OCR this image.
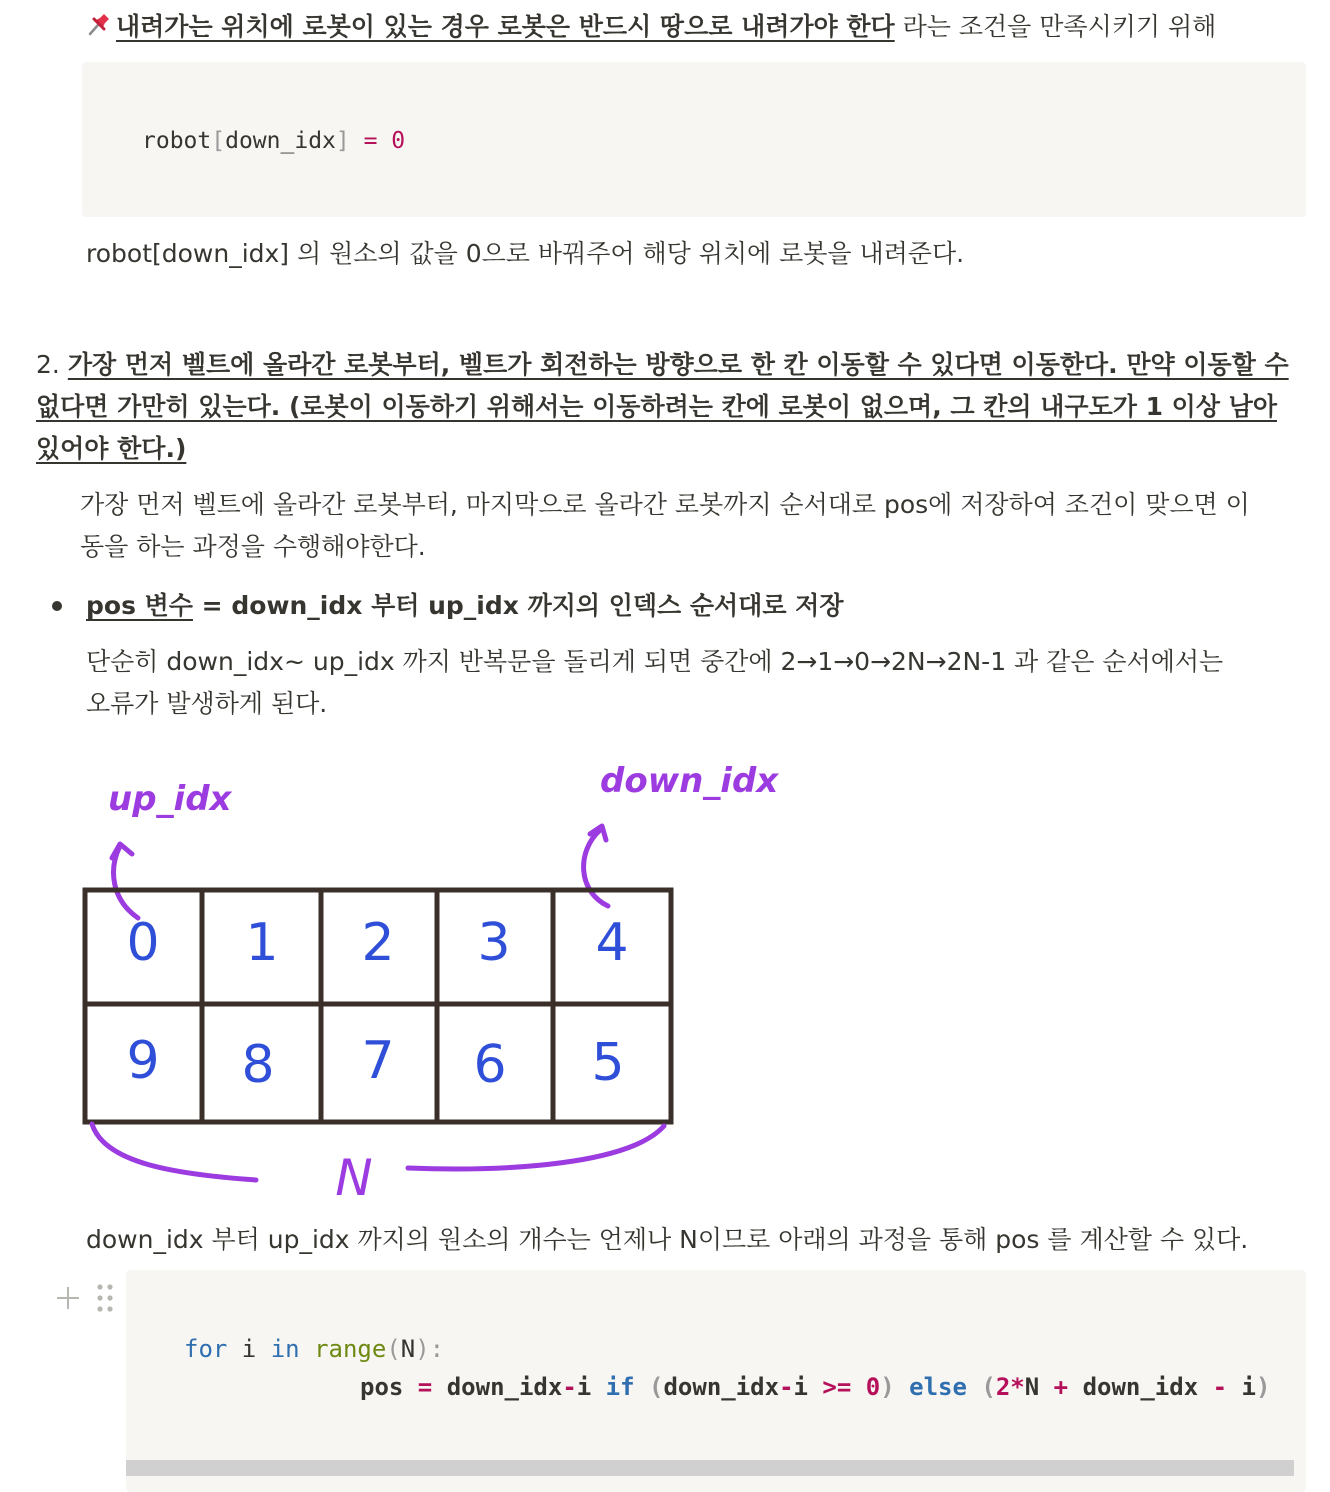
내려가는 위치에 로봇이 있는 경우 로봇은 반드시 땅으로 내려가야 한다 라는 조건을 만족시키기 위해
robot[down_idx] = 0
robot[down_idx] 의 원소의 값을 0으로 바꿔주어 해당 위치에 로봇을 내려준다.
2. 가장 먼저 벨트에 올라간 로봇부터, 벨트가 회전하는 방향으로 한 칸 이동할 수 있다면 이동한다. 만약 이동할 수
없다면 가만히 있는다. (로봇이 이동하기 위해서는 이동하려는 칸에 로봇이 없으며, 그 칸의 내구도가 1 이상 남아
있어야 한다.)
가장 먼저 벨트에 올라간 로봇부터, 마지막으로 올라간 로봇까지 순서대로 pos에 저장하여 조건이 맞으면 이
동을 하는 과정을 수행해야한다.
pos 변수 = down_idx 부터 up_idx 까지의 인덱스 순서대로 저장
단순히 down_idx~ up_idx 까지 반복문을 돌리게 되면 중간에 2→1→0→2N→2N-1 과 같은 순서에서는
오류가 발생하게 된다.
up_idx	down_idx
0 1 2 3 4
9 8 7 6 5
N
down_idx 부터 up_idx 까지의 원소의 개수는 언제나 N이므로 아래의 과정을 통해 pos 를 계산할 수 있다.
for i in range(N):
pos = down_idx-i if (down_idx-i >= 0) else (2*N + down_idx - i)
